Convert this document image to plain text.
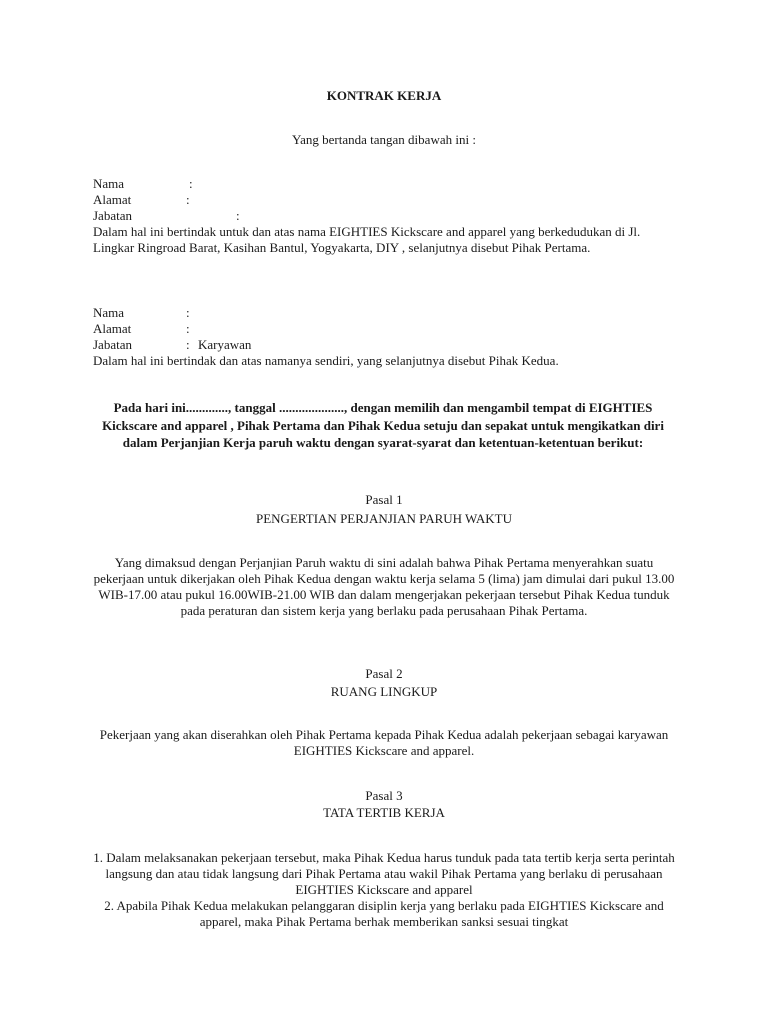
KONTRAK KERJA
Yang bertanda tangan dibawah ini :
Nama	:
Alamat	:
Jabatan	:

Dalam hal ini bertindak untuk dan atas nama EIGHTIES Kickscare and apparel yang berkedudukan di Jl. Lingkar Ringroad Barat, Kasihan Bantul, Yogyakarta, DIY , selanjutnya disebut Pihak Pertama.

Nama	:
Alamat	:
Jabatan	: Karyawan

Dalam hal ini bertindak dan atas namanya sendiri, yang selanjutnya disebut Pihak Kedua.

Pada hari ini............., tanggal ...................., dengan memilih dan mengambil tempat di EIGHTIES Kickscare and apparel , Pihak Pertama dan Pihak Kedua setuju dan sepakat untuk mengikatkan diri dalam Perjanjian Kerja paruh waktu dengan syarat-syarat dan ketentuan-ketentuan berikut:
Pasal 1
PENGERTIAN PERJANJIAN PARUH WAKTU
Yang dimaksud dengan Perjanjian Paruh waktu di sini adalah bahwa Pihak Pertama menyerahkan suatu pekerjaan untuk dikerjakan oleh Pihak Kedua dengan waktu kerja selama 5 (lima) jam dimulai dari pukul 13.00 WIB-17.00 atau pukul 16.00WIB-21.00 WIB dan dalam mengerjakan pekerjaan tersebut Pihak Kedua tunduk pada peraturan dan sistem kerja yang berlaku pada perusahaan Pihak Pertama.
Pasal 2
RUANG LINGKUP
Pekerjaan yang akan diserahkan oleh Pihak Pertama kepada Pihak Kedua adalah pekerjaan sebagai karyawan EIGHTIES Kickscare and apparel.
Pasal 3
TATA TERTIB KERJA
1. Dalam melaksanakan pekerjaan tersebut, maka Pihak Kedua harus tunduk pada tata tertib kerja serta perintah langsung dan atau tidak langsung dari Pihak Pertama atau wakil Pihak Pertama yang berlaku di perusahaan EIGHTIES Kickscare and apparel
2. Apabila Pihak Kedua melakukan pelanggaran disiplin kerja yang berlaku pada EIGHTIES Kickscare and apparel, maka Pihak Pertama berhak memberikan sanksi sesuai tingkat
